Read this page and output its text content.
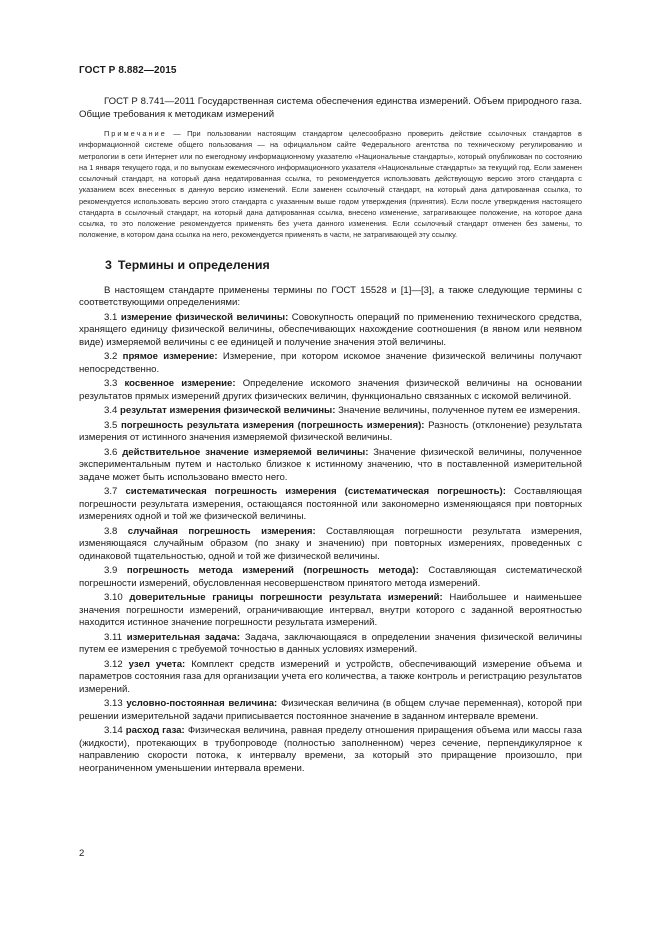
ГОСТ Р 8.882—2015

ГОСТ Р 8.741—2011 Государственная система обеспечения единства измерений. Объем природного газа. Общие требования к методикам измерений

Примечание — При пользовании настоящим стандартом целесообразно проверить действие ссылочных стандартов в информационной системе общего пользования — на официальном сайте Федерального агентства по техническому регулированию и метрологии в сети Интернет или по ежегодному информационному указателю «Национальные стандарты», который опубликован по состоянию на 1 января текущего года, и по выпускам ежемесячного информационного указателя «Национальные стандарты» за текущий год. Если заменен ссылочный стандарт, на который дана недатированная ссылка, то рекомендуется использовать действующую версию этого стандарта с указанием всех внесенных в данную версию изменений. Если заменен ссылочный стандарт, на который дана датированная ссылка, то рекомендуется использовать версию этого стандарта с указанным выше годом утверждения (принятия). Если после утверждения настоящего стандарта в ссылочный стандарт, на который дана датированная ссылка, внесено изменение, затрагивающее положение, на которое дана ссылка, то это положение рекомендуется применять без учета данного изменения. Если ссылочный стандарт отменен без замены, то положение, в котором дана ссылка на него, рекомендуется применять в части, не затрагивающей эту ссылку.

3 Термины и определения

В настоящем стандарте применены термины по ГОСТ 15528 и [1]—[3], а также следующие термины с соответствующими определениями:

3.1 измерение физической величины: Совокупность операций по применению технического средства, хранящего единицу физической величины, обеспечивающих нахождение соотношения (в явном или неявном виде) измеряемой величины с ее единицей и получение значения этой величины.

3.2 прямое измерение: Измерение, при котором искомое значение физической величины получают непосредственно.

3.3 косвенное измерение: Определение искомого значения физической величины на основании результатов прямых измерений других физических величин, функционально связанных с искомой величиной.

3.4 результат измерения физической величины: Значение величины, полученное путем ее измерения.

3.5 погрешность результата измерения (погрешность измерения): Разность (отклонение) результата измерения от истинного значения измеряемой физической величины.

3.6 действительное значение измеряемой величины: Значение физической величины, полученное экспериментальным путем и настолько близкое к истинному значению, что в поставленной измерительной задаче может быть использовано вместо него.

3.7 систематическая погрешность измерения (систематическая погрешность): Составляющая погрешности результата измерения, остающаяся постоянной или закономерно изменяющаяся при повторных измерениях одной и той же физической величины.

3.8 случайная погрешность измерения: Составляющая погрешности результата измерения, изменяющаяся случайным образом (по знаку и значению) при повторных измерениях, проведенных с одинаковой тщательностью, одной и той же физической величины.

3.9 погрешность метода измерений (погрешность метода): Составляющая систематической погрешности измерений, обусловленная несовершенством принятого метода измерений.

3.10 доверительные границы погрешности результата измерений: Наибольшее и наименьшее значения погрешности измерений, ограничивающие интервал, внутри которого с заданной вероятностью находится истинное значение погрешности результата измерений.

3.11 измерительная задача: Задача, заключающаяся в определении значения физической величины путем ее измерения с требуемой точностью в данных условиях измерений.

3.12 узел учета: Комплект средств измерений и устройств, обеспечивающий измерение объема и параметров состояния газа для организации учета его количества, а также контроль и регистрацию результатов измерений.

3.13 условно-постоянная величина: Физическая величина (в общем случае переменная), которой при решении измерительной задачи приписывается постоянное значение в заданном интервале времени.

3.14 расход газа: Физическая величина, равная пределу отношения приращения объема или массы газа (жидкости), протекающих в трубопроводе (полностью заполненном) через сечение, перпендикулярное к направлению скорости потока, к интервалу времени, за который это приращение произошло, при неограниченном уменьшении интервала времени.

2
